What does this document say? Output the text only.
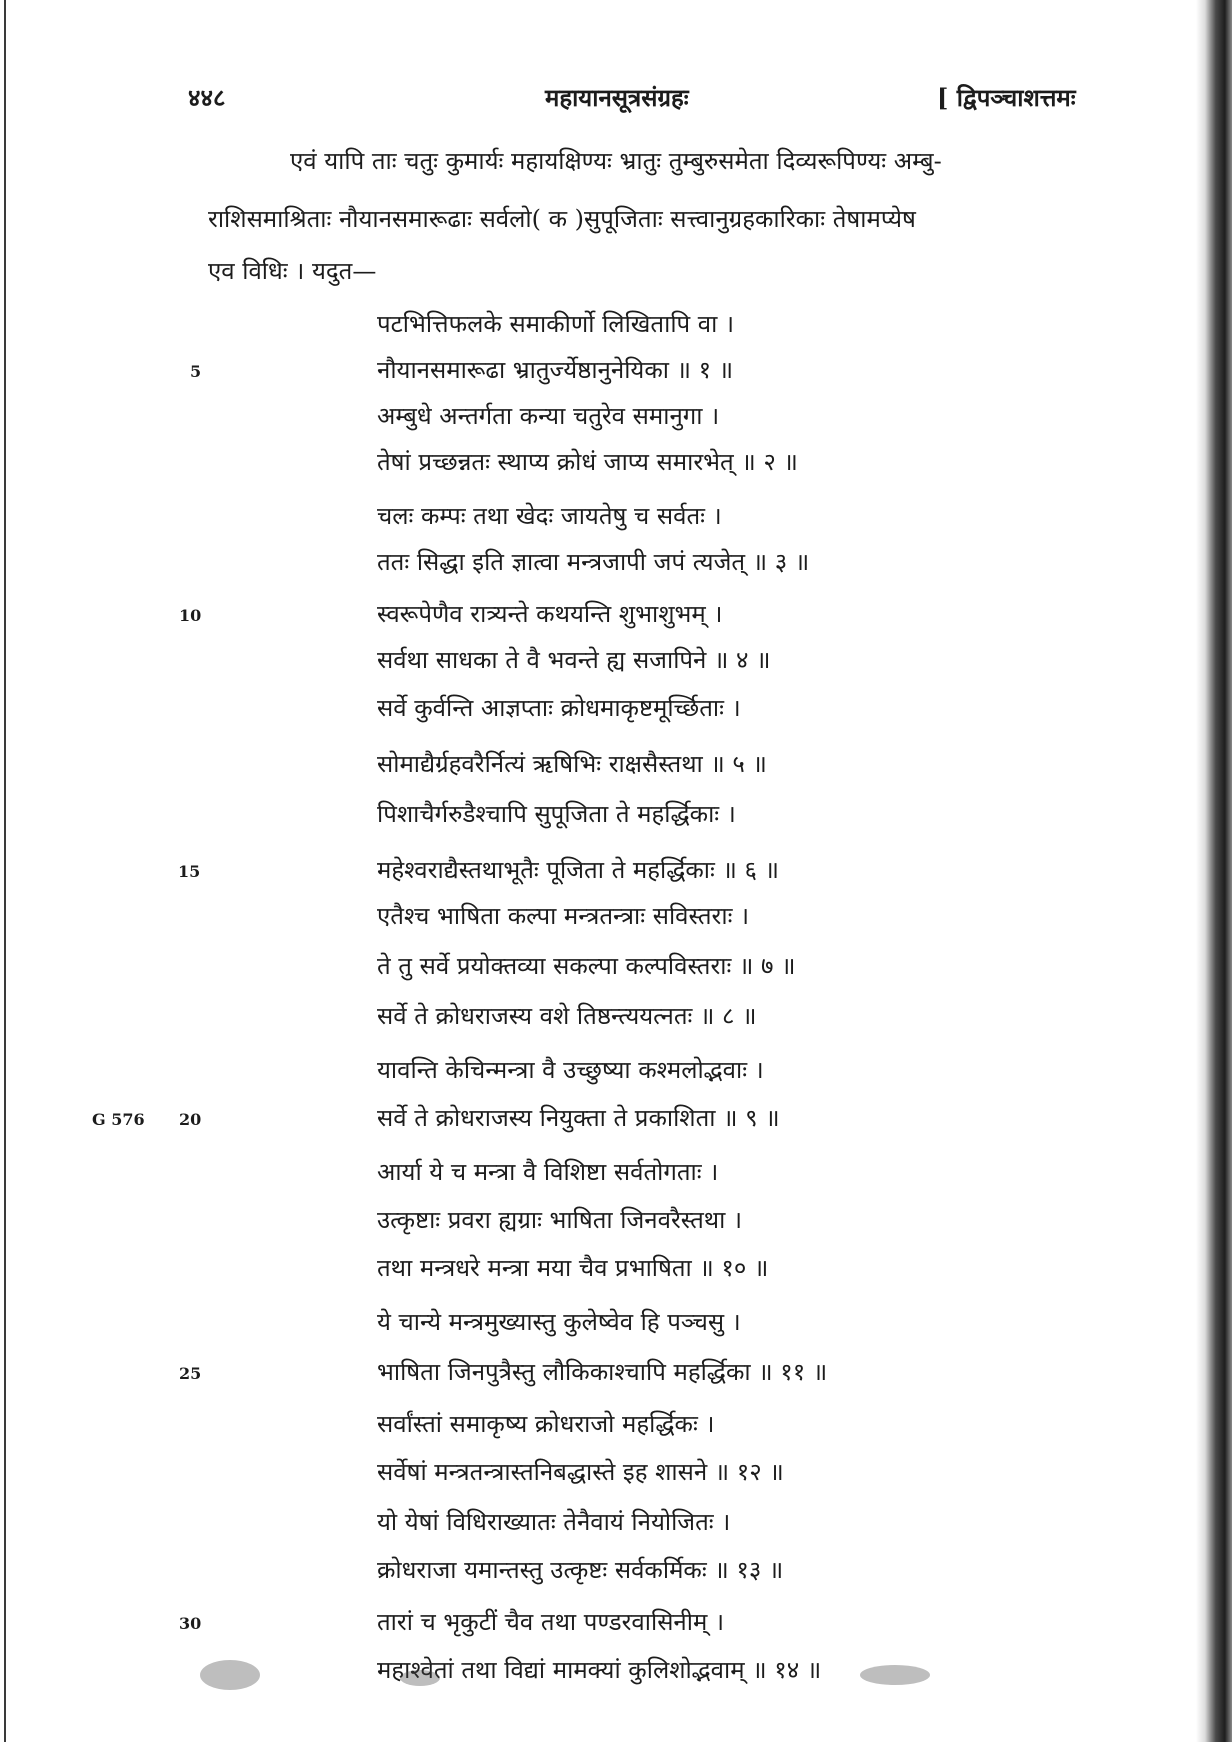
४४८	महायानसूत्रसंग्रहः	[ द्विपञ्चाशत्तमः
एवं यापि ताः चतुः कुमार्यः महायक्षिण्यः भ्रातुः तुम्बुरुसमेता दिव्यरूपिण्यः अम्बु-
राशिसमाश्रिताः नौयानसमारूढाः सर्वलो( क )सुपूजिताः सत्त्वानुग्रहकारिकाः तेषामप्येष
एव विधिः । यदुत—
पटभित्तिफलके समाकीर्णो लिखितापि वा ।
नौयानसमारूढा भ्रातुर्ज्येष्ठानुनेयिका ॥ १ ॥
अम्बुधे अन्तर्गता कन्या चतुरेव समानुगा ।
तेषां प्रच्छन्नतः स्थाप्य क्रोधं जाप्य समारभेत् ॥ २ ॥
चलः कम्पः तथा खेदः जायतेषु च सर्वतः ।
ततः सिद्धा इति ज्ञात्वा मन्त्रजापी जपं त्यजेत् ॥ ३ ॥
स्वरूपेणैव रात्र्यन्ते कथयन्ति शुभाशुभम् ।
सर्वथा साधका ते वै भवन्ते ह्य सजापिने ॥ ४ ॥
सर्वे कुर्वन्ति आज्ञप्ताः क्रोधमाकृष्टमूर्च्छिताः ।
सोमाद्यैर्ग्रहवरैर्नित्यं ऋषिभिः राक्षसैस्तथा ॥ ५ ॥
पिशाचैर्गरुडैश्चापि सुपूजिता ते महर्द्धिकाः ।
महेश्वराद्यैस्तथाभूतैः पूजिता ते महर्द्धिकाः ॥ ६ ॥
एतैश्च भाषिता कल्पा मन्त्रतन्त्राः सविस्तराः ।
ते तु सर्वे प्रयोक्तव्या सकल्पा कल्पविस्तराः ॥ ७ ॥
सर्वे ते क्रोधराजस्य वशे तिष्ठन्त्ययत्नतः ॥ ८ ॥
यावन्ति केचिन्मन्त्रा वै उच्छुष्या कश्मलोद्भवाः ।
सर्वे ते क्रोधराजस्य नियुक्ता ते प्रकाशिता ॥ ९ ॥
आर्या ये च मन्त्रा वै विशिष्टा सर्वतोगताः ।
उत्कृष्टाः प्रवरा ह्यग्राः भाषिता जिनवरैस्तथा ।
तथा मन्त्रधरे मन्त्रा मया चैव प्रभाषिता ॥ १० ॥
ये चान्ये मन्त्रमुख्यास्तु कुलेष्वेव हि पञ्चसु ।
भाषिता जिनपुत्रैस्तु लौकिकाश्चापि महर्द्धिका ॥ ११ ॥
सर्वांस्तां समाकृष्य क्रोधराजो महर्द्धिकः ।
सर्वेषां मन्त्रतन्त्रास्तनिबद्धास्ते इह शासने ॥ १२ ॥
यो येषां विधिराख्यातः तेनैवायं नियोजितः ।
क्रोधराजा यमान्तस्तु उत्कृष्टः सर्वकर्मिकः ॥ १३ ॥
तारां च भृकुटीं चैव तथा पण्डरवासिनीम् ।
महाश्वेतां तथा विद्यां मामक्यां कुलिशोद्भवाम् ॥ १४ ॥
5
10
15
20
25
30
G 576
